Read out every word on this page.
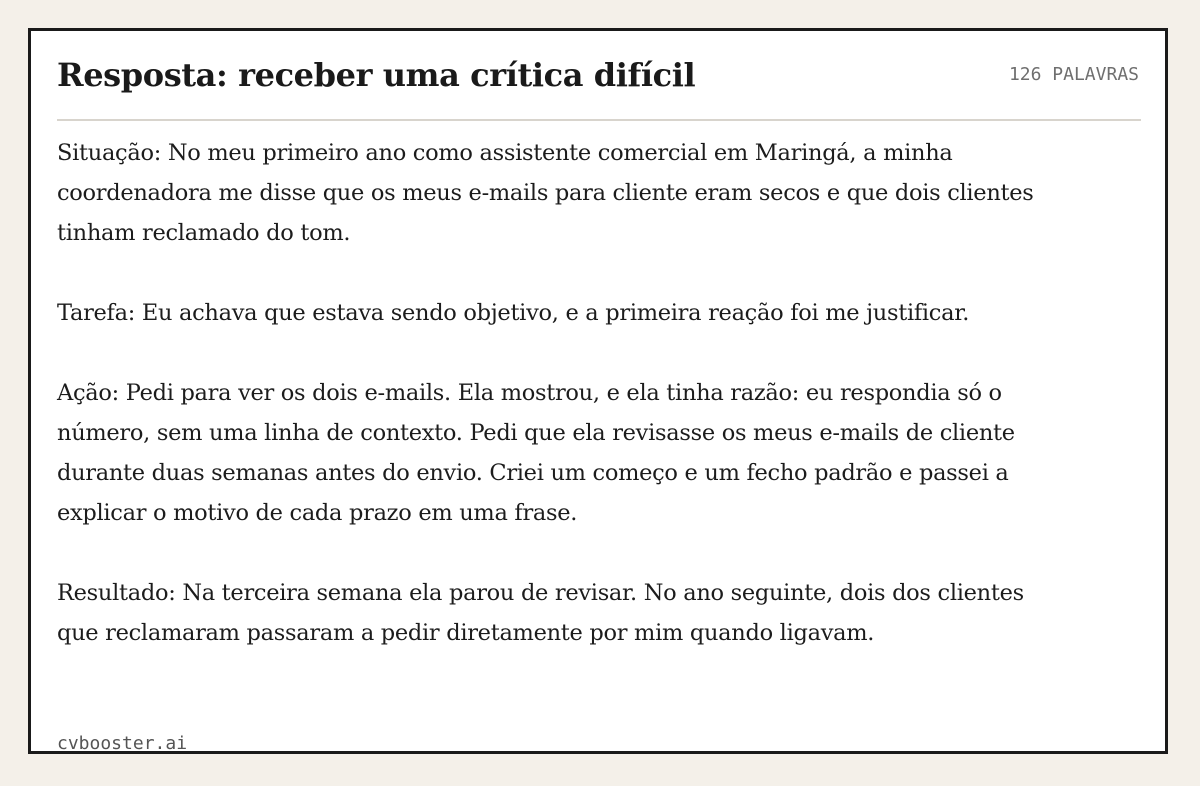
Resposta: receber uma crítica difícil	126 PALAVRAS

Situação: No meu primeiro ano como assistente comercial em Maringá, a minha coordenadora me disse que os meus e-mails para cliente eram secos e que dois clientes tinham reclamado do tom.

Tarefa: Eu achava que estava sendo objetivo, e a primeira reação foi me justificar.

Ação: Pedi para ver os dois e-mails. Ela mostrou, e ela tinha razão: eu respondia só o número, sem uma linha de contexto. Pedi que ela revisasse os meus e-mails de cliente durante duas semanas antes do envio. Criei um começo e um fecho padrão e passei a explicar o motivo de cada prazo em uma frase.

Resultado: Na terceira semana ela parou de revisar. No ano seguinte, dois dos clientes que reclamaram passaram a pedir diretamente por mim quando ligavam.

cvbooster.ai
